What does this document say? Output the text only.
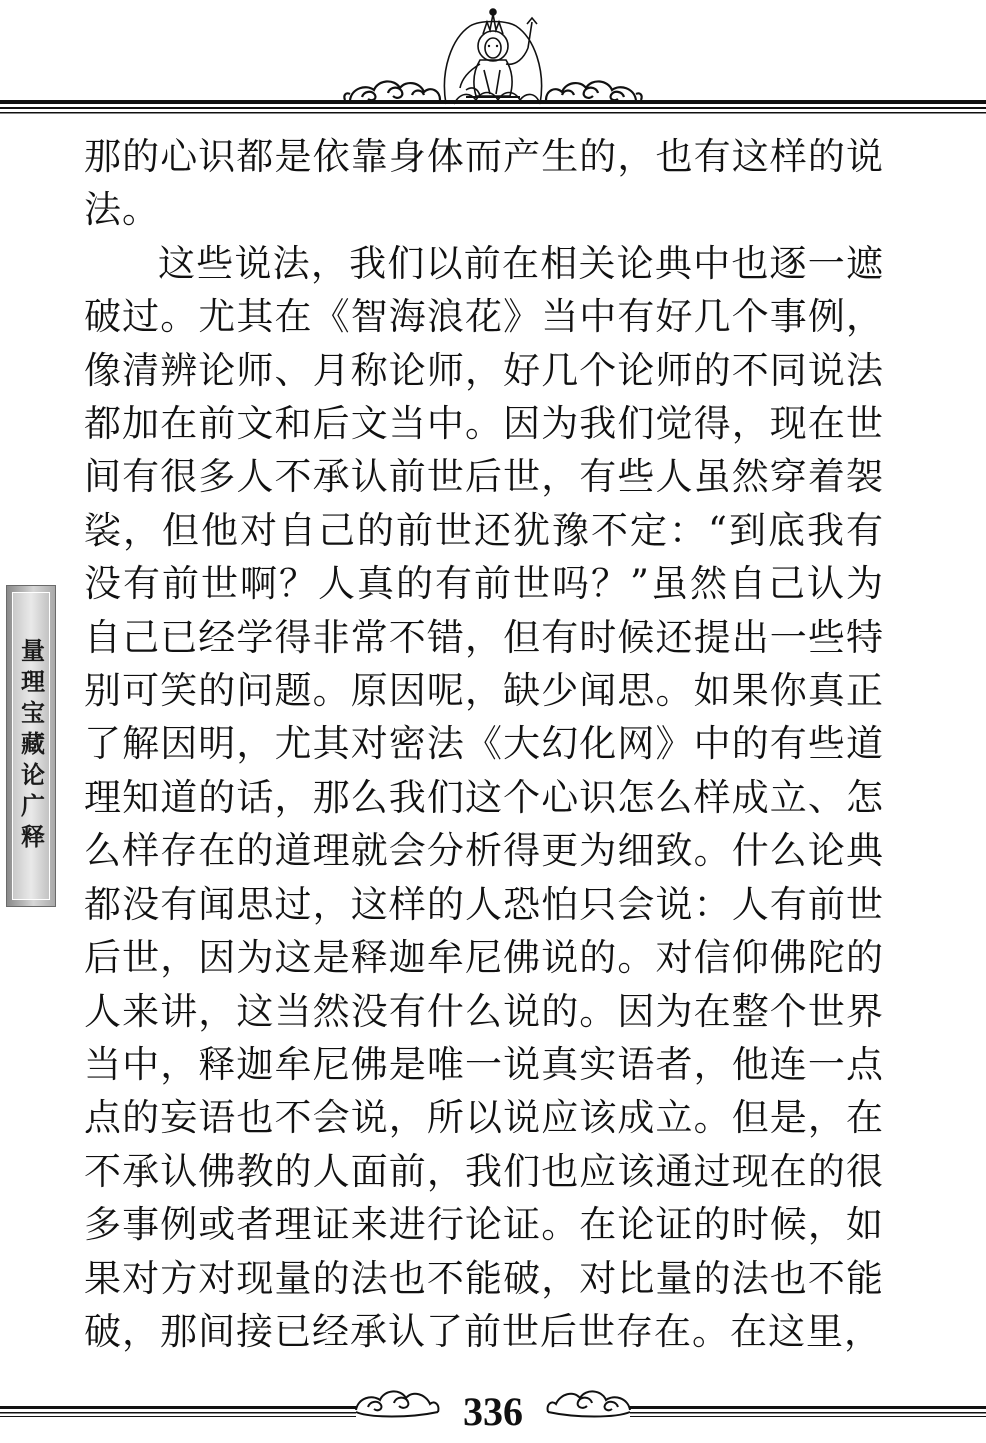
量理宝藏论广释

那的心识都是依靠身体而产生的，也有这样的说法。

这些说法，我们以前在相关论典中也逐一遮破过。尤其在《智海浪花》当中有好几个事例，像清辨论师、月称论师，好几个论师的不同说法都加在前文和后文当中。因为我们觉得，现在世间有很多人不承认前世后世，有些人虽然穿着袈裟，但他对自己的前世还犹豫不定：“到底我有没有前世啊？人真的有前世吗？”虽然自己认为自己已经学得非常不错，但有时候还提出一些特别可笑的问题。原因呢，缺少闻思。如果你真正了解因明，尤其对密法《大幻化网》中的有些道理知道的话，那么我们这个心识怎么样成立、怎么样存在的道理就会分析得更为细致。什么论典都没有闻思过，这样的人恐怕只会说：人有前世后世，因为这是释迦牟尼佛说的。对信仰佛陀的人来讲，这当然没有什么说的。因为在整个世界当中，释迦牟尼佛是唯一说真实语者，他连一点点的妄语也不会说，所以说应该成立。但是，在不承认佛教的人面前，我们也应该通过现在的很多事例或者理证来进行论证。在论证的时候，如果对方对现量的法也不能破，对比量的法也不能破，那间接已经承认了前世后世存在。在这里，

336
